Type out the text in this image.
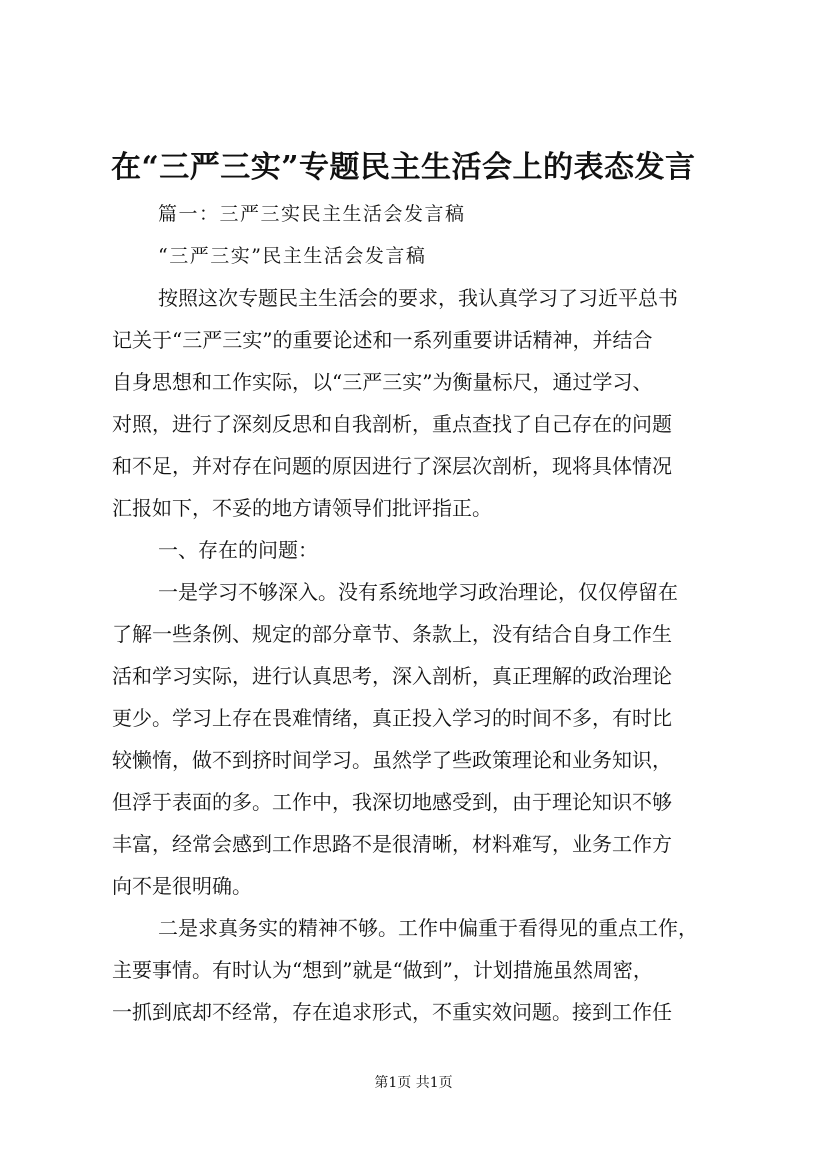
在“三严三实”专题民主生活会上的表态发言
篇一：三严三实民主生活会发言稿
“三严三实”民主生活会发言稿
按照这次专题民主生活会的要求，我认真学习了习近平总书
记关于“三严三实”的重要论述和一系列重要讲话精神，并结合
自身思想和工作实际，以“三严三实”为衡量标尺，通过学习、
对照，进行了深刻反思和自我剖析，重点查找了自己存在的问题
和不足，并对存在问题的原因进行了深层次剖析，现将具体情况
汇报如下，不妥的地方请领导们批评指正。
一、存在的问题：
一是学习不够深入。没有系统地学习政治理论，仅仅停留在
了解一些条例、规定的部分章节、条款上，没有结合自身工作生
活和学习实际，进行认真思考，深入剖析，真正理解的政治理论
更少。学习上存在畏难情绪，真正投入学习的时间不多，有时比
较懒惰，做不到挤时间学习。虽然学了些政策理论和业务知识，
但浮于表面的多。工作中，我深切地感受到，由于理论知识不够
丰富，经常会感到工作思路不是很清晰，材料难写，业务工作方
向不是很明确。
二是求真务实的精神不够。工作中偏重于看得见的重点工作，
主要事情。有时认为“想到”就是“做到”，计划措施虽然周密，
一抓到底却不经常，存在追求形式，不重实效问题。接到工作任
第1页 共1页
